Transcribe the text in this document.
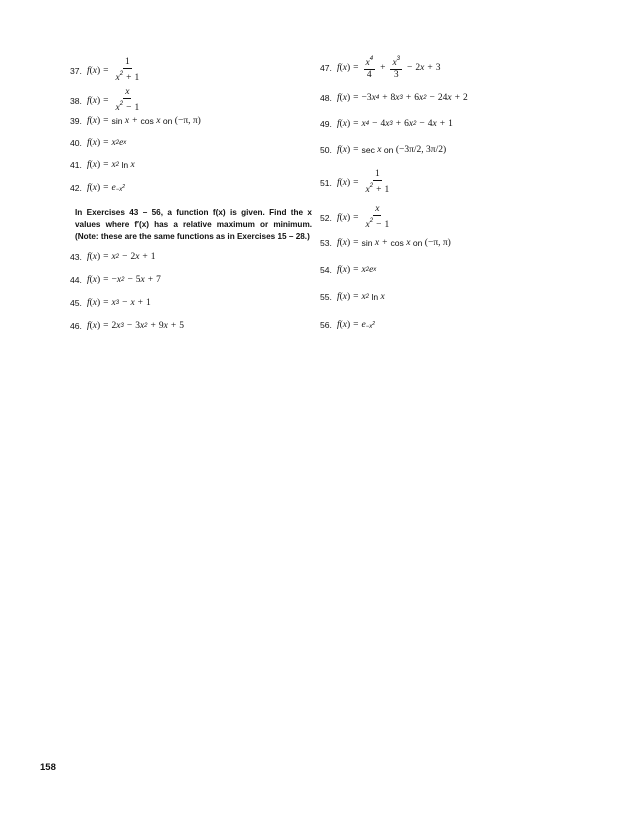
37. f ( x ) = $\frac{1}{x^2 + 1}$
38. f ( x ) = $\frac{x}{x^2 - 1}$
39. f ( x ) = sin x + cos x on (−π, π)
40. f ( x ) = x 2 e x
41. f ( x ) = x 2 ln x
42. f ( x ) = $e -x^2$
In Exercises 43 – 56, a function f(x) is given. Find the x values where f′(x) has a relative maximum or minimum. (Note: these are the same functions as in Exercises 15 – 28.)
43. f ( x ) = x 2 − 2 x + 1
44. f ( x ) = − x 2 − 5 x + 7
45. f ( x ) = x 3 − x + 1
46. f ( x ) = 2 x 3 − 3 x 2 + 9 x + 5
47. f ( x ) = $\frac{x^4}{4} + \frac{x^3}{3} - 2$ x + 3
48. f ( x ) = −3 x 4 + 8 x 3 + 6 x 2 − 24 x + 2
49. f ( x ) = x 4 − 4 x 3 + 6 x 2 − 4 x + 1
50. f ( x ) = sec x on (−3π/2, 3π/2)
51. f ( x ) = $\frac{1}{x^2 + 1}$
52. f ( x ) = $\frac{x}{x^2 - 1}$
53. f ( x ) = sin x + cos x on (−π, π)
54. f ( x ) = x 2 e x
55. f ( x ) = x 2 ln x
56. f ( x ) = $e -x^2$
158
